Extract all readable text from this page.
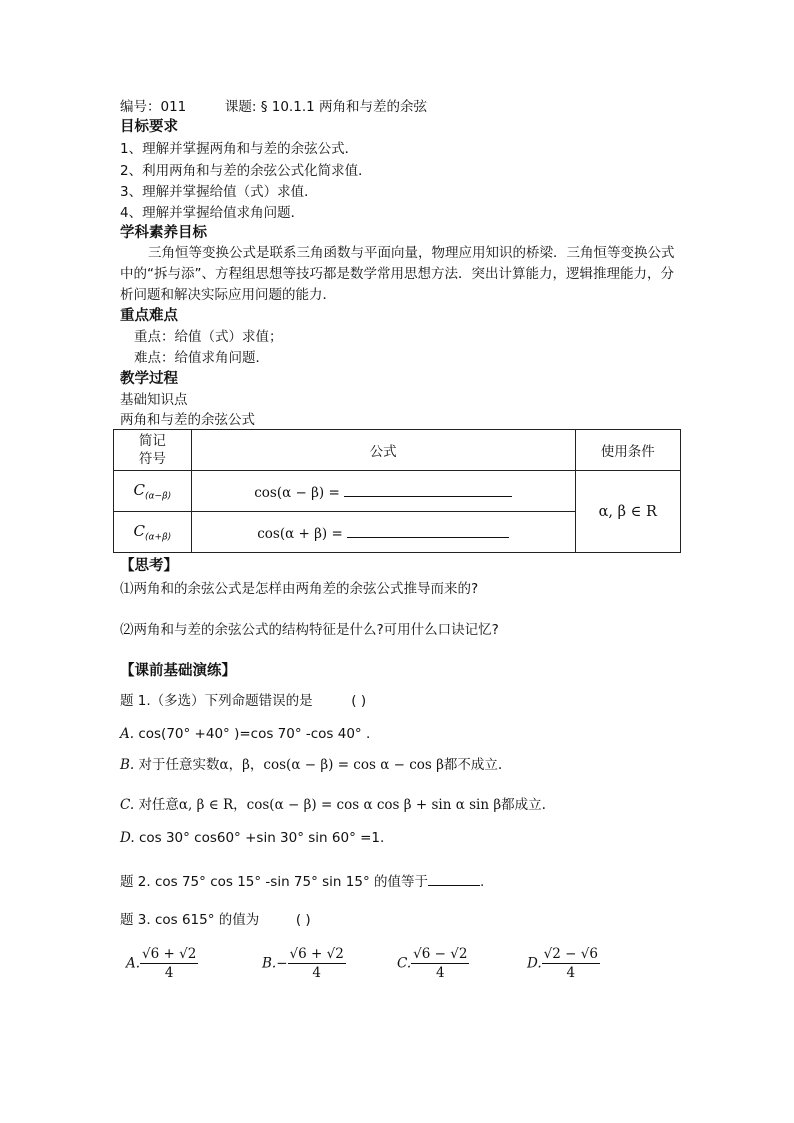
编号：011	课题: § 10.1.1 两角和与差的余弦
目标要求
1、理解并掌握两角和与差的余弦公式．
2、利用两角和与差的余弦公式化简求值．
3、理解并掌握给值（式）求值．
4、理解并掌握给值求角问题．
学科素养目标
三角恒等变换公式是联系三角函数与平面向量，物理应用知识的桥梁．三角恒等变换公式中的“拆与添”、方程组思想等技巧都是数学常用思想方法．突出计算能力，逻辑推理能力，分析问题和解决实际应用问题的能力．
重点难点
重点：给值（式）求值；
难点：给值求角问题．
教学过程
基础知识点
两角和与差的余弦公式
简记
符号	公式	使用条件
$C_{(\alpha-\beta)}$	cos(α − β) =	α, β ∈ R
$C_{(\alpha+\beta)}$	cos(α + β) =	
【思考】
⑴两角和的余弦公式是怎样由两角差的余弦公式推导而来的?
⑵两角和与差的余弦公式的结构特征是什么?可用什么口诀记忆?
【课前基础演练】
题 1.（多选）下列命题错误的是	( )
A. cos(70° +40° )=cos 70° -cos 40° .
B. 对于任意实数α，β，cos(α − β) = cos α − cos β都不成立.
C. 对任意α, β ∈ R，cos(α − β) = cos α cos β + sin α sin β都成立.
D. cos 30° cos60° +sin 30° sin 60° =1.
题 2. cos 75° cos 15° -sin 75° sin 15° 的值等于	.
题 3. cos 615° 的值为	( )
A. $\frac{√6 + √2}{4}$	$B.- \frac{√6 + √2}{4}$	C. $\frac{√6 - √2}{4}$	D. $\frac{√2 - √6}{4}$
